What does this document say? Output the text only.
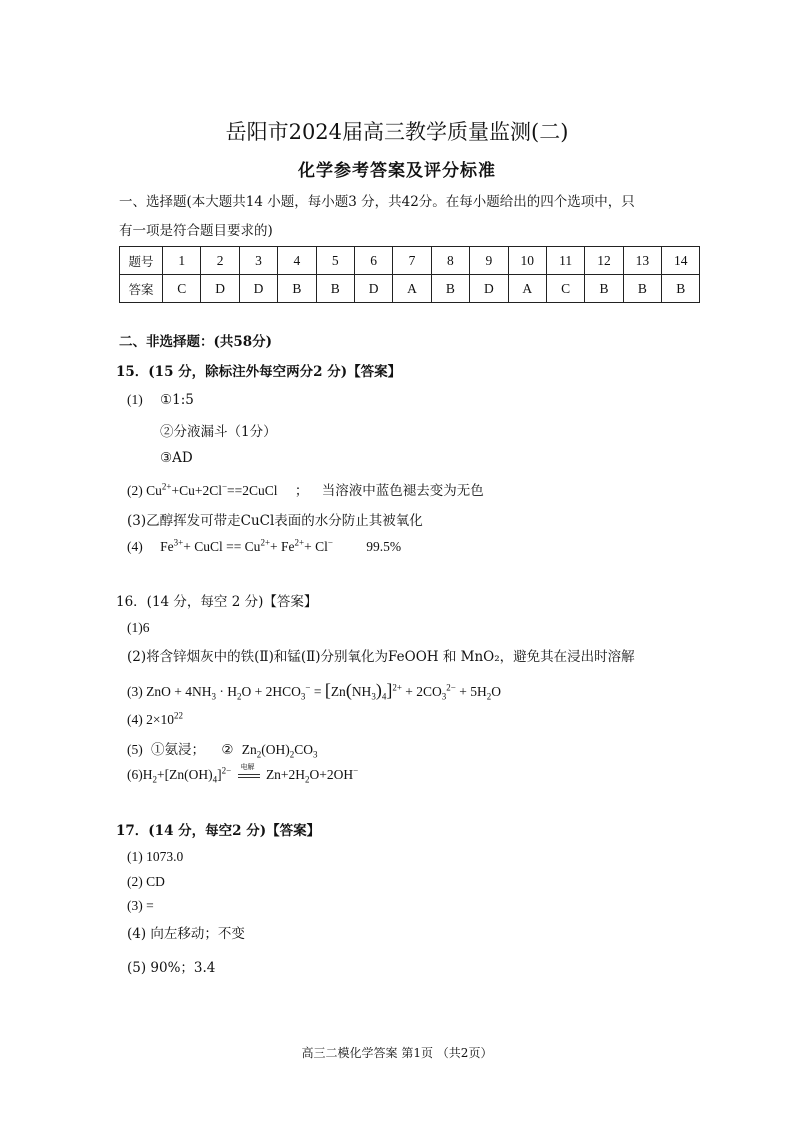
岳阳市2024届高三教学质量监测(二)
化学参考答案及评分标准
一、选择题(本大题共14 小题，每小题3 分，共42分。在每小题给出的四个选项中，只
有一项是符合题目要求的)
题号	1	2	3	4	5	6	7	8	9	10	11	12	13	14
答案	C	D	D	B	B	D	A	B	D	A	C	B	B	B
二、非选择题：(共58分)
15．(15 分，除标注外每空两分2 分)【答案】
(1) ①1:5
②分液漏斗（1分）
③AD
(2) $Cu^{2+}+Cu+2Cl^-==2CuCl$ ； 当溶液中蓝色褪去变为无色
(3)乙醇挥发可带走CuCl表面的水分防止其被氧化
(4) $Fe^{3+}+$ CuCl == $Cu^{2+}+ Fe^{2+}+ Cl^-$ 99.5%
16．(14 分，每空 2 分)【答案】
(1)6
(2)将含锌烟灰中的铁(Ⅱ)和锰(Ⅱ)分别氧化为FeOOH 和 MnO₂，避免其在浸出时溶解
(3) ZnO + $4NH_3 \cdot H_2O + 2HCO_3^- = [Zn(NH_3)_4]^{2+} + 2CO_3^{2-} + 5H_2O$
(4) $2\times 10^{22}$
(5) ①氨浸； ② $Zn_2(OH)_2CO_3$
$(6)H_2+[Zn(OH)_4]^{2-}$ 电解
$Zn+2H_2O+2OH^-$
17．(14 分，每空2 分)【答案】
(1) 1073.0
(2) CD
(3) =
(4) 向左移动；不变
(5) 90%；3.4
高三二模化学答案 第1页 （共2页）
